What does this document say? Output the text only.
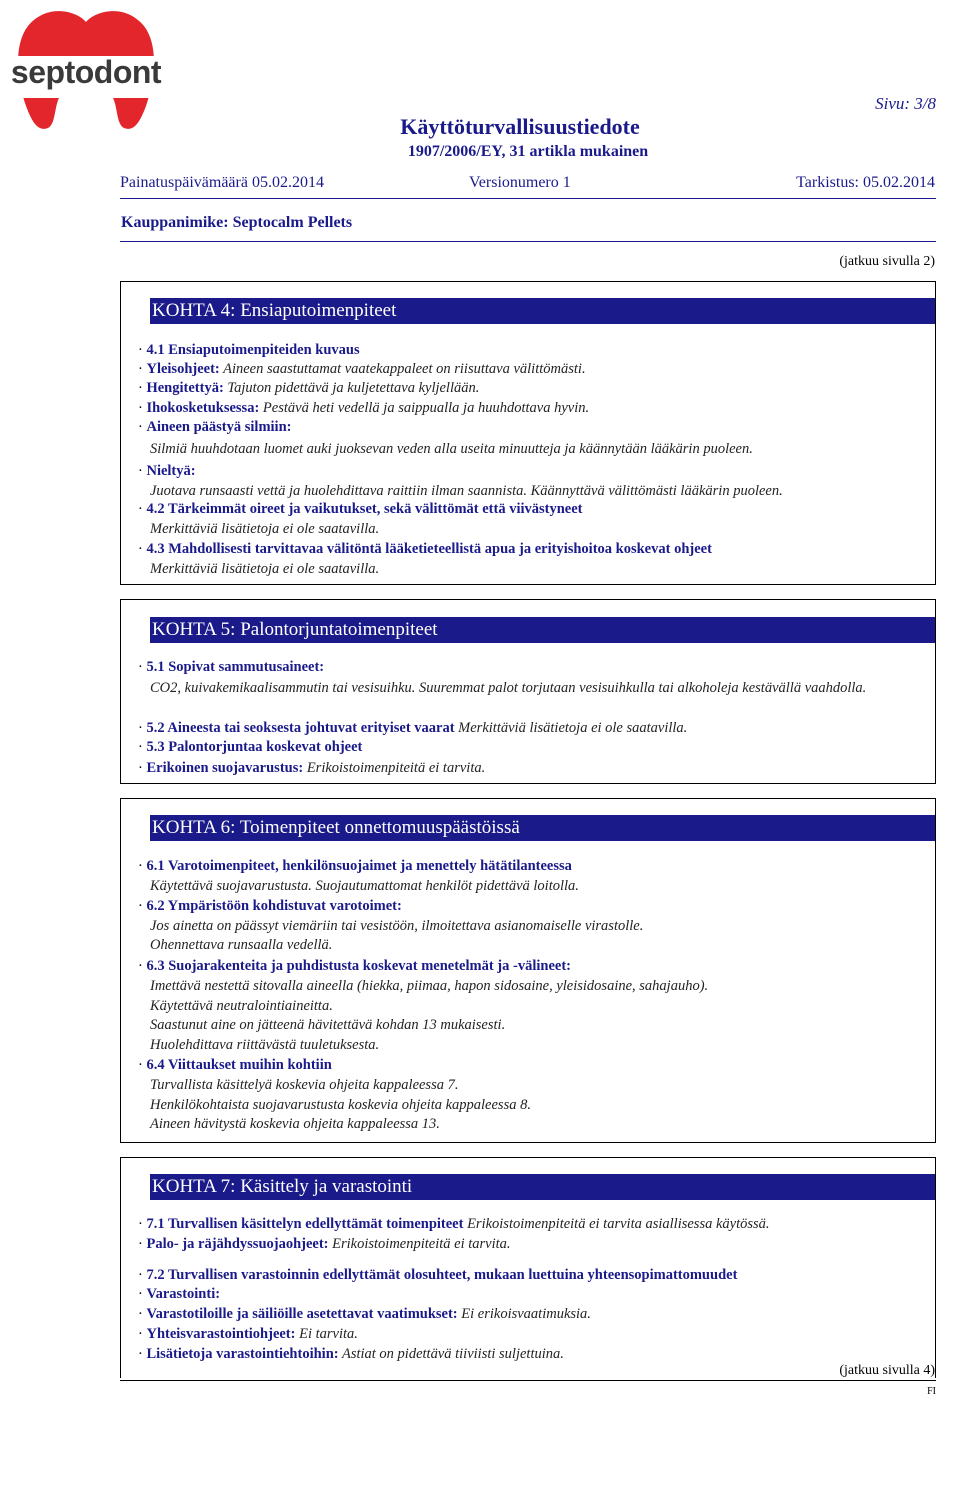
septodont
Sivu: 3/8
Käyttöturvallisuustiedote
1907/2006/EY, 31 artikla mukainen
Painatuspäivämäärä 05.02.2014	Versionumero 1	Tarkistus: 05.02.2014
Kauppanimike: Septocalm Pellets
(jatkuu sivulla 2)
KOHTA 4: Ensiaputoimenpiteet
· 4.1 Ensiaputoimenpiteiden kuvaus
· Yleisohjeet: Aineen saastuttamat vaatekappaleet on riisuttava välittömästi.
· Hengitettyä: Tajuton pidettävä ja kuljetettava kyljellään.
· Ihokosketuksessa: Pestävä heti vedellä ja saippualla ja huuhdottava hyvin.
· Aineen päästyä silmiin:
Silmiä huuhdotaan luomet auki juoksevan veden alla useita minuutteja ja käännytään lääkärin puoleen.
· Nieltyä:
Juotava runsaasti vettä ja huolehdittava raittiin ilman saannista. Käännyttävä välittömästi lääkärin puoleen.
· 4.2 Tärkeimmät oireet ja vaikutukset, sekä välittömät että viivästyneet
Merkittäviä lisätietoja ei ole saatavilla.
· 4.3 Mahdollisesti tarvittavaa välitöntä lääketieteellistä apua ja erityishoitoa koskevat ohjeet
Merkittäviä lisätietoja ei ole saatavilla.
KOHTA 5: Palontorjuntatoimenpiteet
· 5.1 Sopivat sammutusaineet:
CO2, kuivakemikaalisammutin tai vesisuihku. Suuremmat palot torjutaan vesisuihkulla tai alkoholeja kestävällä vaahdolla.
· 5.2 Aineesta tai seoksesta johtuvat erityiset vaarat Merkittäviä lisätietoja ei ole saatavilla.
· 5.3 Palontorjuntaa koskevat ohjeet
· Erikoinen suojavarustus: Erikoistoimenpiteitä ei tarvita.
KOHTA 6: Toimenpiteet onnettomuuspäästöissä
· 6.1 Varotoimenpiteet, henkilönsuojaimet ja menettely hätätilanteessa
Käytettävä suojavarustusta. Suojautumattomat henkilöt pidettävä loitolla.
· 6.2 Ympäristöön kohdistuvat varotoimet:
Jos ainetta on päässyt viemäriin tai vesistöön, ilmoitettava asianomaiselle virastolle.
Ohennettava runsaalla vedellä.
· 6.3 Suojarakenteita ja puhdistusta koskevat menetelmät ja -välineet:
Imettävä nestettä sitovalla aineella (hiekka, piimaa, hapon sidosaine, yleisidosaine, sahajauho).
Käytettävä neutralointiaineitta.
Saastunut aine on jätteenä hävitettävä kohdan 13 mukaisesti.
Huolehdittava riittävästä tuuletuksesta.
· 6.4 Viittaukset muihin kohtiin
Turvallista käsittelyä koskevia ohjeita kappaleessa 7.
Henkilökohtaista suojavarustusta koskevia ohjeita kappaleessa 8.
Aineen hävitystä koskevia ohjeita kappaleessa 13.
KOHTA 7: Käsittely ja varastointi
· 7.1 Turvallisen käsittelyn edellyttämät toimenpiteet Erikoistoimenpiteitä ei tarvita asiallisessa käytössä.
· Palo- ja räjähdyssuojaohjeet: Erikoistoimenpiteitä ei tarvita.
· 7.2 Turvallisen varastoinnin edellyttämät olosuhteet, mukaan luettuina yhteensopimattomuudet
· Varastointi:
· Varastotiloille ja säiliöille asetettavat vaatimukset: Ei erikoisvaatimuksia.
· Yhteisvarastointiohjeet: Ei tarvita.
· Lisätietoja varastointiehtoihin: Astiat on pidettävä tiiviisti suljettuina.
(jatkuu sivulla 4)
FI
